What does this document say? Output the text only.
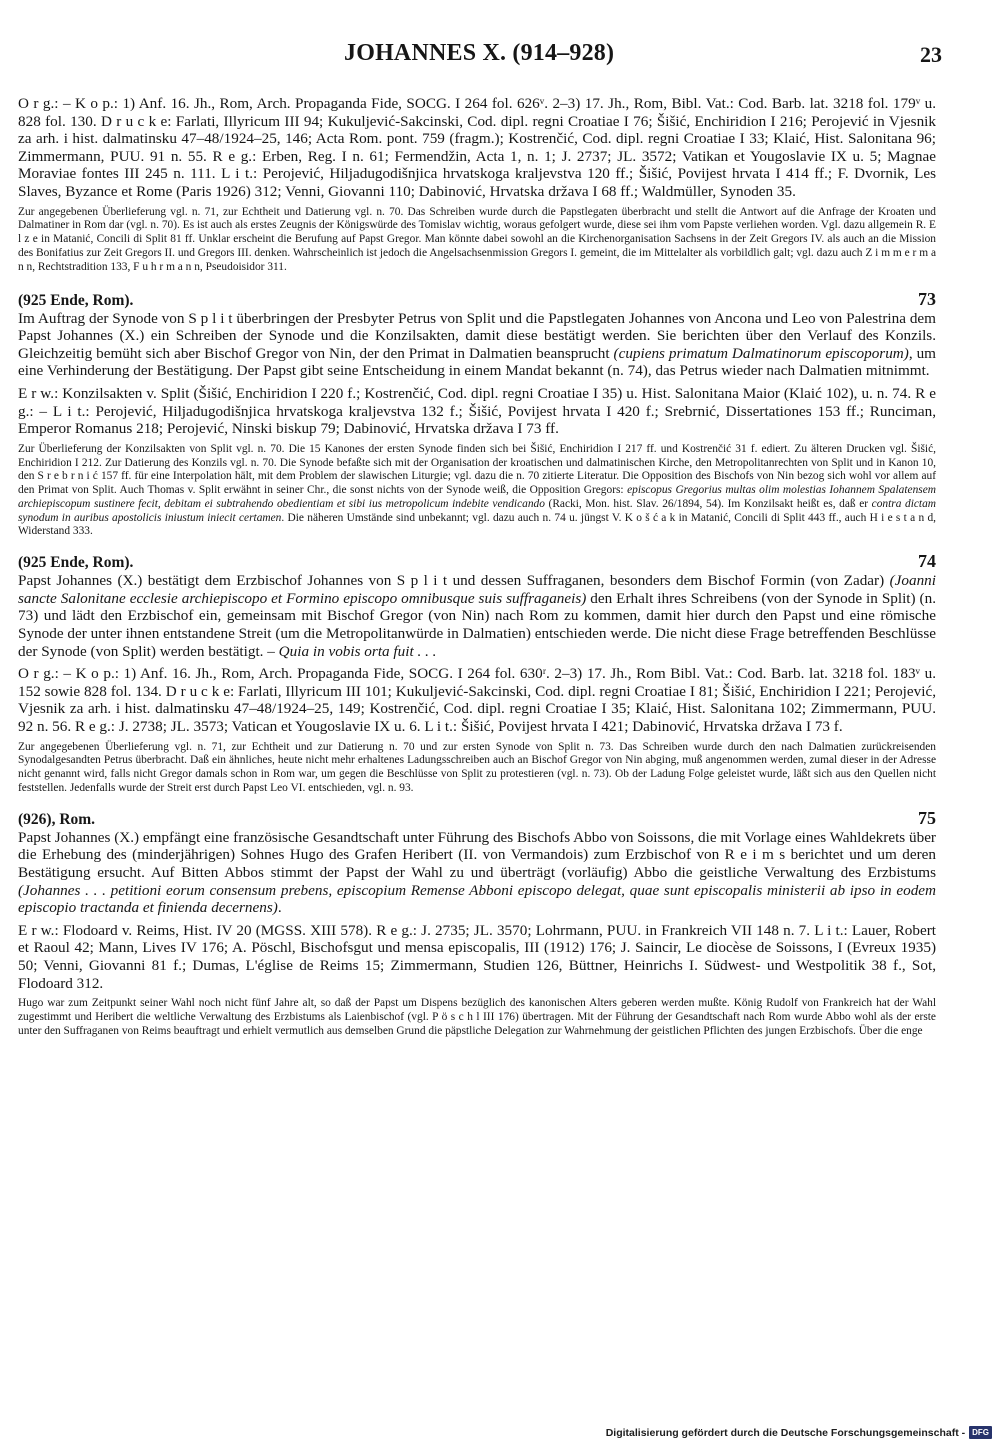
JOHANNES X. (914–928)	23

O r g.: – K o p.: 1) Anf. 16. Jh., Rom, Arch. Propaganda Fide, SOCG. I 264 fol. 626ᵛ. 2–3) 17. Jh., Rom, Bibl. Vat.: Cod. Barb. lat. 3218 fol. 179ᵛ u. 828 fol. 130. D r u c k e: Farlati, Illyricum III 94; Kukuljević-Sakcinski, Cod. dipl. regni Croatiae I 76; Šišić, Enchiridion I 216; Perojević in Vjesnik za arh. i hist. dalmatinsku 47–48/1924–25, 146; Acta Rom. pont. 759 (fragm.); Kostrenčić, Cod. dipl. regni Croatiae I 33; Klaić, Hist. Salonitana 96; Zimmermann, PUU. 91 n. 55. R e g.: Erben, Reg. I n. 61; Fermendžin, Acta 1, n. 1; J. 2737; JL. 3572; Vatikan et Yougoslavie IX u. 5; Magnae Moraviae fontes III 245 n. 111. L i t.: Perojević, Hiljadugodišnjica hrvatskoga kraljevstva 120 ff.; Šišić, Povijest hrvata I 414 ff.; F. Dvornik, Les Slaves, Byzance et Rome (Paris 1926) 312; Venni, Giovanni 110; Dabinović, Hrvatska država I 68 ff.; Waldmüller, Synoden 35.

Zur angegebenen Überlieferung vgl. n. 71, zur Echtheit und Datierung vgl. n. 70. Das Schreiben wurde durch die Papstlegaten überbracht und stellt die Antwort auf die Anfrage der Kroaten und Dalmatiner in Rom dar (vgl. n. 70). Es ist auch als erstes Zeugnis der Königswürde des Tomislav wichtig, woraus gefolgert wurde, diese sei ihm vom Papste verliehen worden. Vgl. dazu allgemein R. E l z e in Matanić, Concili di Split 81 ff. Unklar erscheint die Berufung auf Papst Gregor. Man könnte dabei sowohl an die Kirchenorganisation Sachsens in der Zeit Gregors IV. als auch an die Mission des Bonifatius zur Zeit Gregors II. und Gregors III. denken. Wahrscheinlich ist jedoch die Angelsachsenmission Gregors I. gemeint, die im Mittelalter als vorbildlich galt; vgl. dazu auch Z i m m e r m a n n, Rechtstradition 133, F u h r m a n n, Pseudoisidor 311.

(925 Ende, Rom).	73

Im Auftrag der Synode von S p l i t überbringen der Presbyter Petrus von Split und die Papstlegaten Johannes von Ancona und Leo von Palestrina dem Papst Johannes (X.) ein Schreiben der Synode und die Konzilsakten, damit diese bestätigt werden. Sie berichten über den Verlauf des Konzils. Gleichzeitig bemüht sich aber Bischof Gregor von Nin, der den Primat in Dalmatien beansprucht (cupiens primatum Dalmatinorum episcoporum), um eine Verhinderung der Bestätigung. Der Papst gibt seine Entscheidung in einem Mandat bekannt (n. 74), das Petrus wieder nach Dalmatien mitnimmt.

E r w.: Konzilsakten v. Split (Šišić, Enchiridion I 220 f.; Kostrenčić, Cod. dipl. regni Croatiae I 35) u. Hist. Salonitana Maior (Klaić 102), u. n. 74. R e g.: – L i t.: Perojević, Hiljadugodišnjica hrvatskoga kraljevstva 132 f.; Šišić, Povijest hrvata I 420 f.; Srebrnić, Dissertationes 153 ff.; Runciman, Emperor Romanus 218; Perojević, Ninski biskup 79; Dabinović, Hrvatska država I 73 ff.

Zur Überlieferung der Konzilsakten von Split vgl. n. 70. Die 15 Kanones der ersten Synode finden sich bei Šišić, Enchiridion I 217 ff. und Kostrenčić 31 f. ediert. Zu älteren Drucken vgl. Šišić, Enchiridion I 212. Zur Datierung des Konzils vgl. n. 70. Die Synode befaßte sich mit der Organisation der kroatischen und dalmatinischen Kirche, den Metropolitanrechten von Split und in Kanon 10, den S r e b r n i ć 157 ff. für eine Interpolation hält, mit dem Problem der slawischen Liturgie; vgl. dazu die n. 70 zitierte Literatur. Die Opposition des Bischofs von Nin bezog sich wohl vor allem auf den Primat von Split. Auch Thomas v. Split erwähnt in seiner Chr., die sonst nichts von der Synode weiß, die Opposition Gregors: episcopus Gregorius multas olim molestias Iohannem Spalatensem archiepiscopum sustinere fecit, debitam ei subtrahendo obedientiam et sibi ius metropolicum indebite vendicando (Racki, Mon. hist. Slav. 26/1894, 54). Im Konzilsakt heißt es, daß er contra dictam synodum in auribus apostolicis iniustum iniecit certamen. Die näheren Umstände sind unbekannt; vgl. dazu auch n. 74 u. jüngst V. K o š ć a k in Matanić, Concili di Split 443 ff., auch H i e s t a n d, Widerstand 333.

(925 Ende, Rom).	74

Papst Johannes (X.) bestätigt dem Erzbischof Johannes von S p l i t und dessen Suffraganen, besonders dem Bischof Formin (von Zadar) (Joanni sancte Salonitane ecclesie archiepiscopo et Formino episcopo omnibusque suis suffraganeis) den Erhalt ihres Schreibens (von der Synode in Split) (n. 73) und lädt den Erzbischof ein, gemeinsam mit Bischof Gregor (von Nin) nach Rom zu kommen, damit hier durch den Papst und eine römische Synode der unter ihnen entstandene Streit (um die Metropolitanwürde in Dalmatien) entschieden werde. Die nicht diese Frage betreffenden Beschlüsse der Synode (von Split) werden bestätigt. – Quia in vobis orta fuit . . .

O r g.: – K o p.: 1) Anf. 16. Jh., Rom, Arch. Propaganda Fide, SOCG. I 264 fol. 630ʳ. 2–3) 17. Jh., Rom Bibl. Vat.: Cod. Barb. lat. 3218 fol. 183ᵛ u. 152 sowie 828 fol. 134. D r u c k e: Farlati, Illyricum III 101; Kukuljević-Sakcinski, Cod. dipl. regni Croatiae I 81; Šišić, Enchiridion I 221; Perojević, Vjesnik za arh. i hist. dalmatinsku 47–48/1924–25, 149; Kostrenčić, Cod. dipl. regni Croatiae I 35; Klaić, Hist. Salonitana 102; Zimmermann, PUU. 92 n. 56. R e g.: J. 2738; JL. 3573; Vatican et Yougoslavie IX u. 6. L i t.: Šišić, Povijest hrvata I 421; Dabinović, Hrvatska država I 73 f.

Zur angegebenen Überlieferung vgl. n. 71, zur Echtheit und zur Datierung n. 70 und zur ersten Synode von Split n. 73. Das Schreiben wurde durch den nach Dalmatien zurückreisenden Synodalgesandten Petrus überbracht. Daß ein ähnliches, heute nicht mehr erhaltenes Ladungsschreiben auch an Bischof Gregor von Nin abging, muß angenommen werden, zumal dieser in der Adresse nicht genannt wird, falls nicht Gregor damals schon in Rom war, um gegen die Beschlüsse von Split zu protestieren (vgl. n. 73). Ob der Ladung Folge geleistet wurde, läßt sich aus den Quellen nicht feststellen. Jedenfalls wurde der Streit erst durch Papst Leo VI. entschieden, vgl. n. 93.

(926), Rom.	75

Papst Johannes (X.) empfängt eine französische Gesandtschaft unter Führung des Bischofs Abbo von Soissons, die mit Vorlage eines Wahldekrets über die Erhebung des (minderjährigen) Sohnes Hugo des Grafen Heribert (II. von Vermandois) zum Erzbischof von R e i m s berichtet und um deren Bestätigung ersucht. Auf Bitten Abbos stimmt der Papst der Wahl zu und überträgt (vorläufig) Abbo die geistliche Verwaltung des Erzbistums (Johannes . . . petitioni eorum consensum prebens, episcopium Remense Abboni episcopo delegat, quae sunt episcopalis ministerii ab ipso in eodem episcopio tractanda et finienda decernens).

E r w.: Flodoard v. Reims, Hist. IV 20 (MGSS. XIII 578). R e g.: J. 2735; JL. 3570; Lohrmann, PUU. in Frankreich VII 148 n. 7. L i t.: Lauer, Robert et Raoul 42; Mann, Lives IV 176; A. Pöschl, Bischofsgut und mensa episcopalis, III (1912) 176; J. Saincir, Le diocèse de Soissons, I (Evreux 1935) 50; Venni, Giovanni 81 f.; Dumas, L'église de Reims 15; Zimmermann, Studien 126, Büttner, Heinrichs I. Südwest- und Westpolitik 38 f., Sot, Flodoard 312.

Hugo war zum Zeitpunkt seiner Wahl noch nicht fünf Jahre alt, so daß der Papst um Dispens bezüglich des kanonischen Alters geberen werden mußte. König Rudolf von Frankreich hat der Wahl zugestimmt und Heribert die weltliche Verwaltung des Erzbistums als Laienbischof (vgl. P ö s c h l III 176) übertragen. Mit der Führung der Gesandtschaft nach Rom wurde Abbo wohl als der erste unter den Suffraganen von Reims beauftragt und erhielt vermutlich aus demselben Grund die päpstliche Delegation zur Wahrnehmung der geistlichen Pflichten des jungen Erzbischofs. Über die enge

Digitalisierung gefördert durch die Deutsche Forschungsgemeinschaft - DFG
